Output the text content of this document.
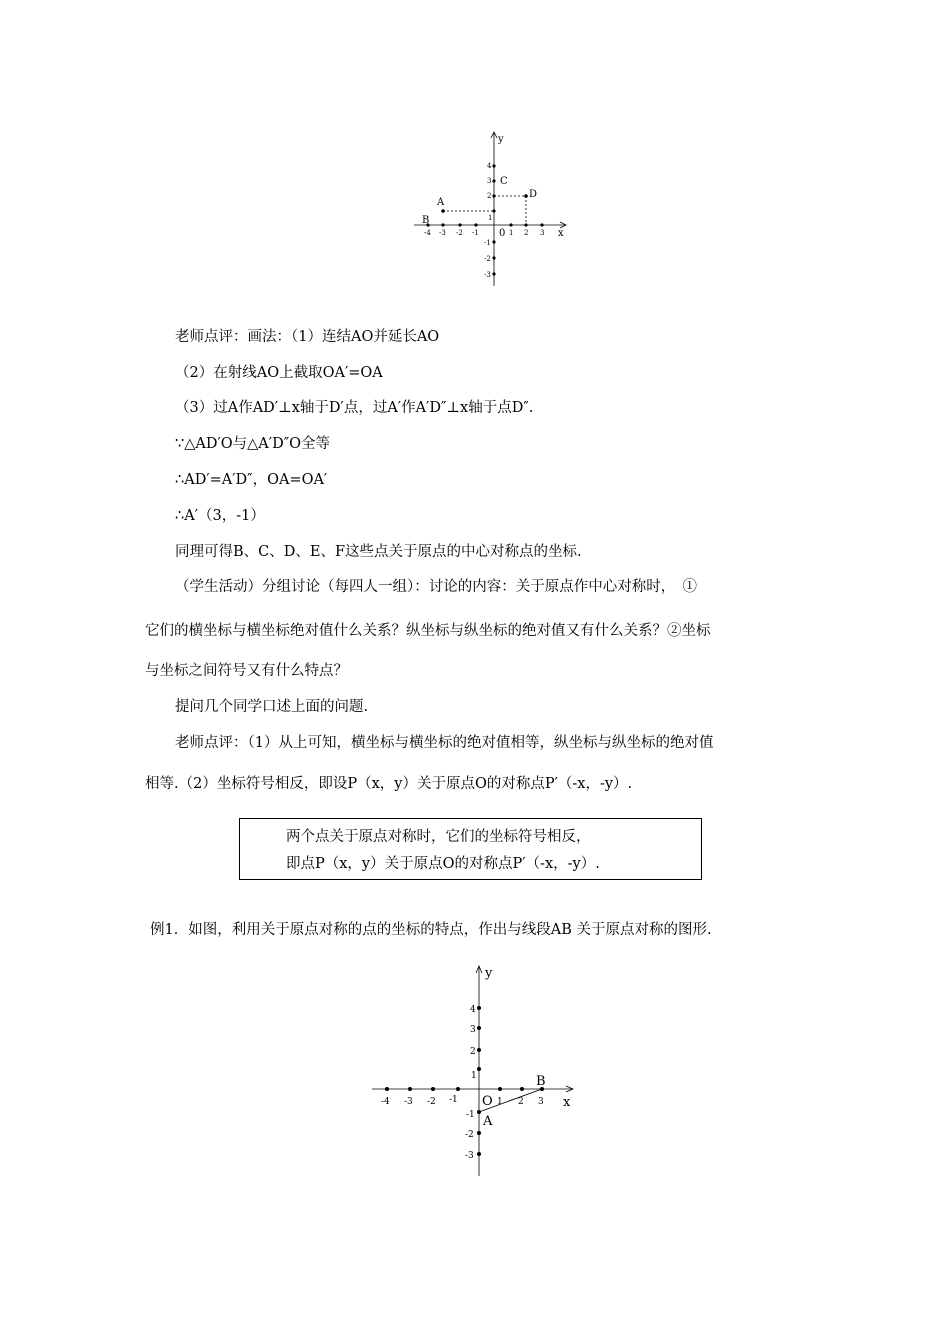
-4 -3 -2 -1	1 2 3
4
3
2
1
-1
-2
-3
0	x
y
A
B
C
D
老师点评：画法：（1）连结AO并延长AO
（2）在射线AO上截取OA′=OA
（3）过A作AD′⊥x轴于D′点，过A′作A′D″⊥x轴于点D″.
∵△AD′O与△A′D″O全等
∴AD′=A′D″，OA=OA′
∴A′（3，-1）
同理可得B、C、D、E、F这些点关于原点的中心对称点的坐标.
（学生活动）分组讨论（每四人一组）：讨论的内容：关于原点作中心对称时，　①
它们的横坐标与横坐标绝对值什么关系？纵坐标与纵坐标的绝对值又有什么关系？②坐标
与坐标之间符号又有什么特点？
提问几个同学口述上面的问题.
老师点评：（1）从上可知，横坐标与横坐标的绝对值相等，纵坐标与纵坐标的绝对值
相等.（2）坐标符号相反，即设P（x，y）关于原点O的对称点P′（-x，-y）.
两个点关于原点对称时，它们的坐标符号相反，
即点P（x，y）关于原点O的对称点P′（-x，-y）.
例1．如图，利用关于原点对称的点的坐标的特点，作出与线段AB 关于原点对称的图形.
-4 -3 -2 -1	1 2 3
4
3
2
1
-1
-2
-3
O	x
y
A
B
